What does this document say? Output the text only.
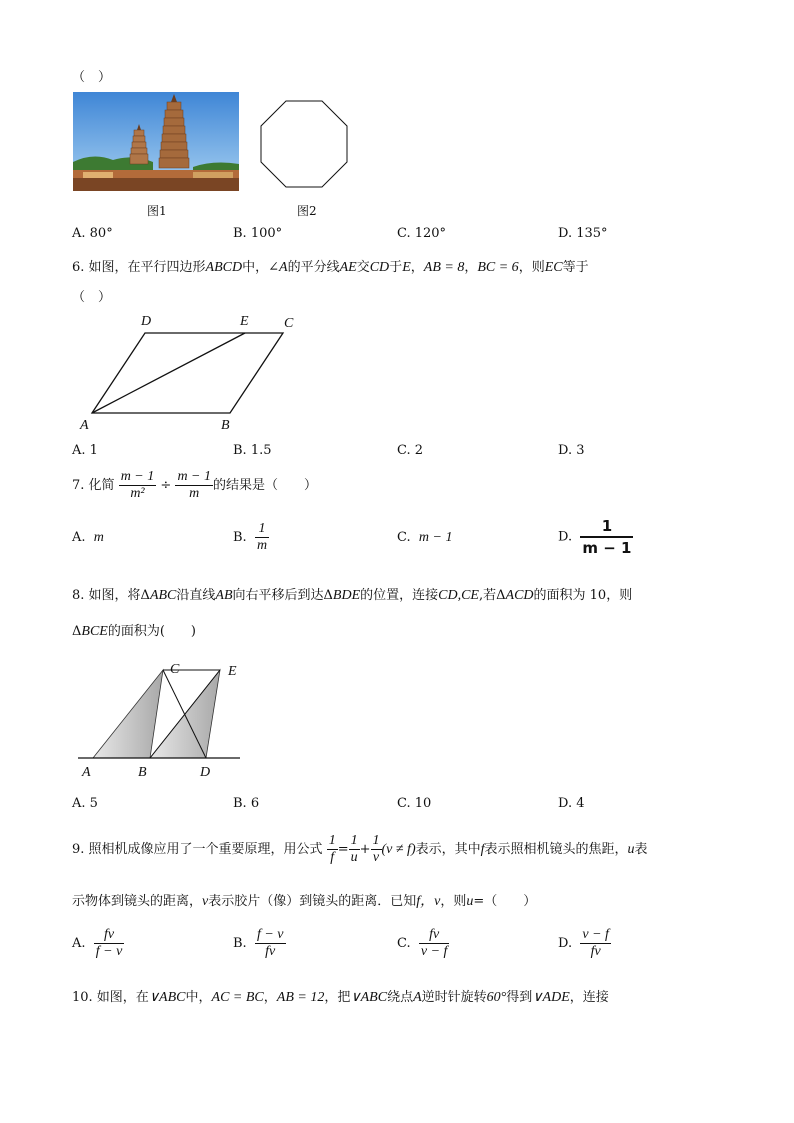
（　）
图1	图2
A. 80°	B. 100°	C. 120°	D. 135°
6. 如图，在平行四边形ABCD中，∠A的平分线AE交CD于E，AB = 8，BC = 6，则EC等于
（　）
D	E	C
A	B
A. 1	B. 1.5	C. 2	D. 3
7. 化简 $\frac{m - 1}{\text{m²}} \div \frac{m - 1}{m}$ 的结果是（　　）
A. m	B. $\frac{1}{m}$	C. m − 1	D. $\frac{1}{m - 1}$
8. 如图，将ΔABC沿直线AB向右平移后到达ΔBDE的位置，连接CD,CE,若ΔACD的面积为 10，则
ΔBCE的面积为(　　)
C	E
A	B	D
A. 5	B. 6	C. 10	D. 4
9. 照相机成像应用了一个重要原理，用公式 $\frac{1}{f} = \frac{1}{u} + \frac{1}{v} (v \ne f)$表示，其中f表示照相机镜头的焦距，u表
示物体到镜头的距离，v表示胶片（像）到镜头的距离．已知f，v，则u=（　　）
A. $\frac{fv}{f - v}$	B. $\frac{f - v}{fv}$	C. $\frac{fv}{v - f}$	D. $\frac{v - f}{fv}$
10. 如图，在∨ABC中，AC = BC，AB = 12，把∨ABC绕点A逆时针旋转60°得到∨ADE，连接
